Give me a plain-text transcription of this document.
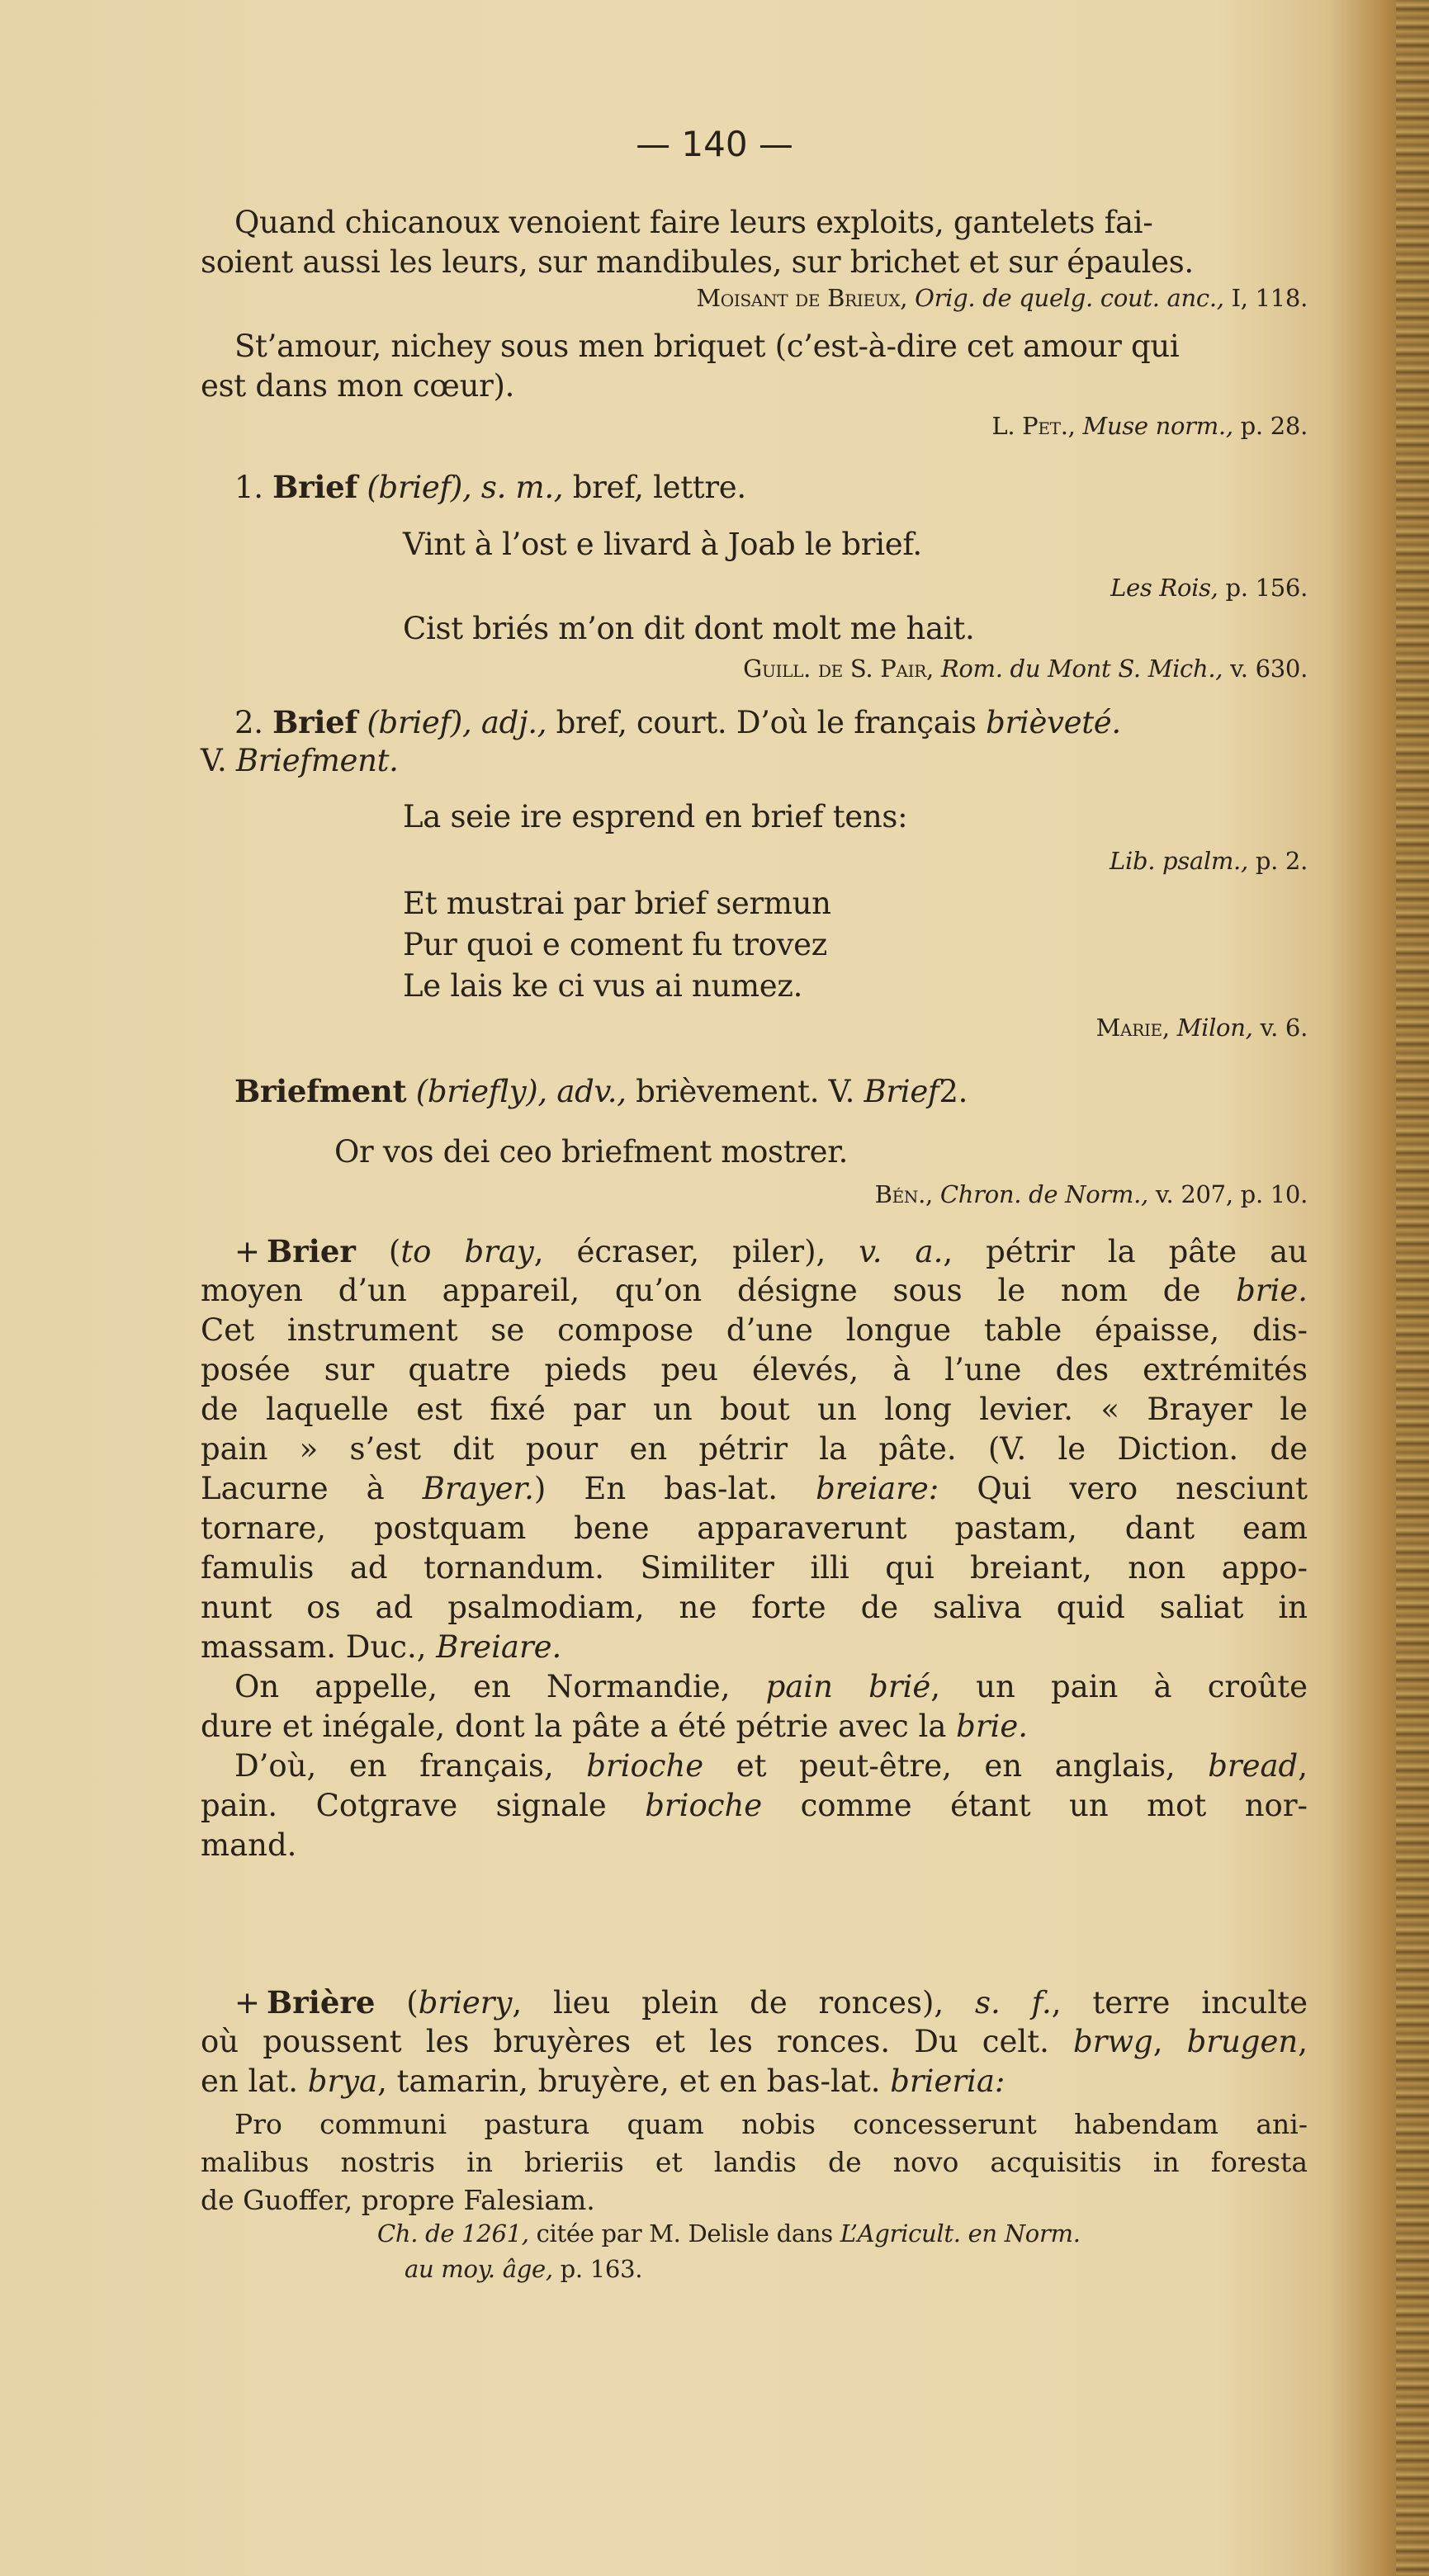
— 140 —
Quand chicanoux venoient faire leurs exploits, gantelets fai-
soient aussi les leurs, sur mandibules, sur brichet et sur épaules.
Moisant de Brieux, Orig. de quelg. cout. anc., I, 118.
St’amour, nichey sous men briquet (c’est-à-dire cet amour qui
est dans mon cœur).
L. Pet., Muse norm., p. 28.
1. Brief (brief), s. m., bref, lettre.
Vint à l’ost e livard à Joab le brief.
Les Rois, p. 156.
Cist briés m’on dit dont molt me hait.
Guill. de S. Pair, Rom. du Mont S. Mich., v. 630.
2. Brief (brief), adj., bref, court. D’où le français brièveté.
V. Briefment.
La seie ire esprend en brief tens:
Lib. psalm., p. 2.
Et mustrai par brief sermun
Pur quoi e coment fu trovez
Le lais ke ci vus ai numez.
Marie, Milon, v. 6.
Briefment (briefly), adv., brièvement. V. Brief2.
Or vos dei ceo briefment mostrer.
Bén., Chron. de Norm., v. 207, p. 10.
+ Brier (to bray, écraser, piler), v. a., pétrir la pâte au
moyen d’un appareil, qu’on désigne sous le nom de brie.
Cet instrument se compose d’une longue table épaisse, dis-
posée sur quatre pieds peu élevés, à l’une des extrémités
de laquelle est fixé par un bout un long levier. « Brayer le
pain » s’est dit pour en pétrir la pâte. (V. le Diction. de
Lacurne à Brayer.) En bas-lat. breiare: Qui vero nesciunt
tornare, postquam bene apparaverunt pastam, dant eam
famulis ad tornandum. Similiter illi qui breiant, non appo-
nunt os ad psalmodiam, ne forte de saliva quid saliat in
massam. Duc., Breiare.
On appelle, en Normandie, pain brié, un pain à croûte
dure et inégale, dont la pâte a été pétrie avec la brie.
D’où, en français, brioche et peut-être, en anglais, bread,
pain. Cotgrave signale brioche comme étant un mot nor-
mand.
+ Brière (briery, lieu plein de ronces), s. f., terre inculte
où poussent les bruyères et les ronces. Du celt. brwg, brugen,
en lat. brya, tamarin, bruyère, et en bas-lat. brieria:
Pro communi pastura quam nobis concesserunt habendam ani-
malibus nostris in brieriis et landis de novo acquisitis in foresta
de Guoffer, propre Falesiam.
Ch. de 1261, citée par M. Delisle dans L’Agricult. en Norm.
au moy. âge, p. 163.
